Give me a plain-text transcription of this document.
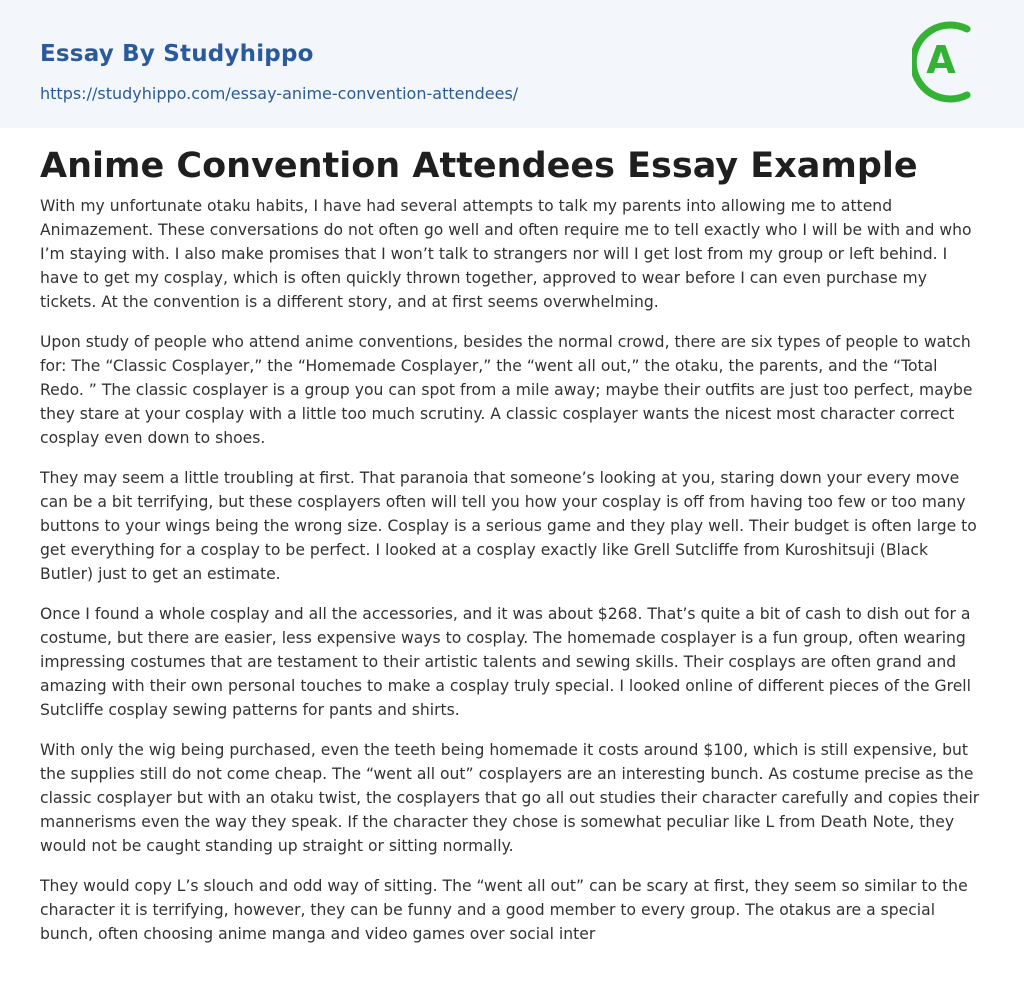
Essay By Studyhippo
https://studyhippo.com/essay-anime-convention-attendees/
A
Anime Convention Attendees Essay Example

With my unfortunate otaku habits, I have had several attempts to talk my parents into allowing me to attend Animazement. These conversations do not often go well and often require me to tell exactly who I will be with and who I’m staying with. I also make promises that I won’t talk to strangers nor will I get lost from my group or left behind. I have to get my cosplay, which is often quickly thrown together, approved to wear before I can even purchase my tickets. At the convention is a different story, and at first seems overwhelming.

Upon study of people who attend anime conventions, besides the normal crowd, there are six types of people to watch for: The “Classic Cosplayer,” the “Homemade Cosplayer,” the “went all out,” the otaku, the parents, and the “Total Redo. ” The classic cosplayer is a group you can spot from a mile away; maybe their outfits are just too perfect, maybe they stare at your cosplay with a little too much scrutiny. A classic cosplayer wants the nicest most character correct cosplay even down to shoes.

They may seem a little troubling at first. That paranoia that someone’s looking at you, staring down your every move can be a bit terrifying, but these cosplayers often will tell you how your cosplay is off from having too few or too many buttons to your wings being the wrong size. Cosplay is a serious game and they play well. Their budget is often large to get everything for a cosplay to be perfect. I looked at a cosplay exactly like Grell Sutcliffe from Kuroshitsuji (Black Butler) just to get an estimate.

Once I found a whole cosplay and all the accessories, and it was about $268. That’s quite a bit of cash to dish out for a costume, but there are easier, less expensive ways to cosplay. The homemade cosplayer is a fun group, often wearing impressing costumes that are testament to their artistic talents and sewing skills. Their cosplays are often grand and amazing with their own personal touches to make a cosplay truly special. I looked online of different pieces of the Grell Sutcliffe cosplay sewing patterns for pants and shirts.

With only the wig being purchased, even the teeth being homemade it costs around $100, which is still expensive, but the supplies still do not come cheap. The “went all out” cosplayers are an interesting bunch. As costume precise as the classic cosplayer but with an otaku twist, the cosplayers that go all out studies their character carefully and copies their mannerisms even the way they speak. If the character they chose is somewhat peculiar like L from Death Note, they would not be caught standing up straight or sitting normally.

They would copy L’s slouch and odd way of sitting. The “went all out” can be scary at first, they seem so similar to the character it is terrifying, however, they can be funny and a good member to every group. The otakus are a special bunch, often choosing anime manga and video games over social inter
